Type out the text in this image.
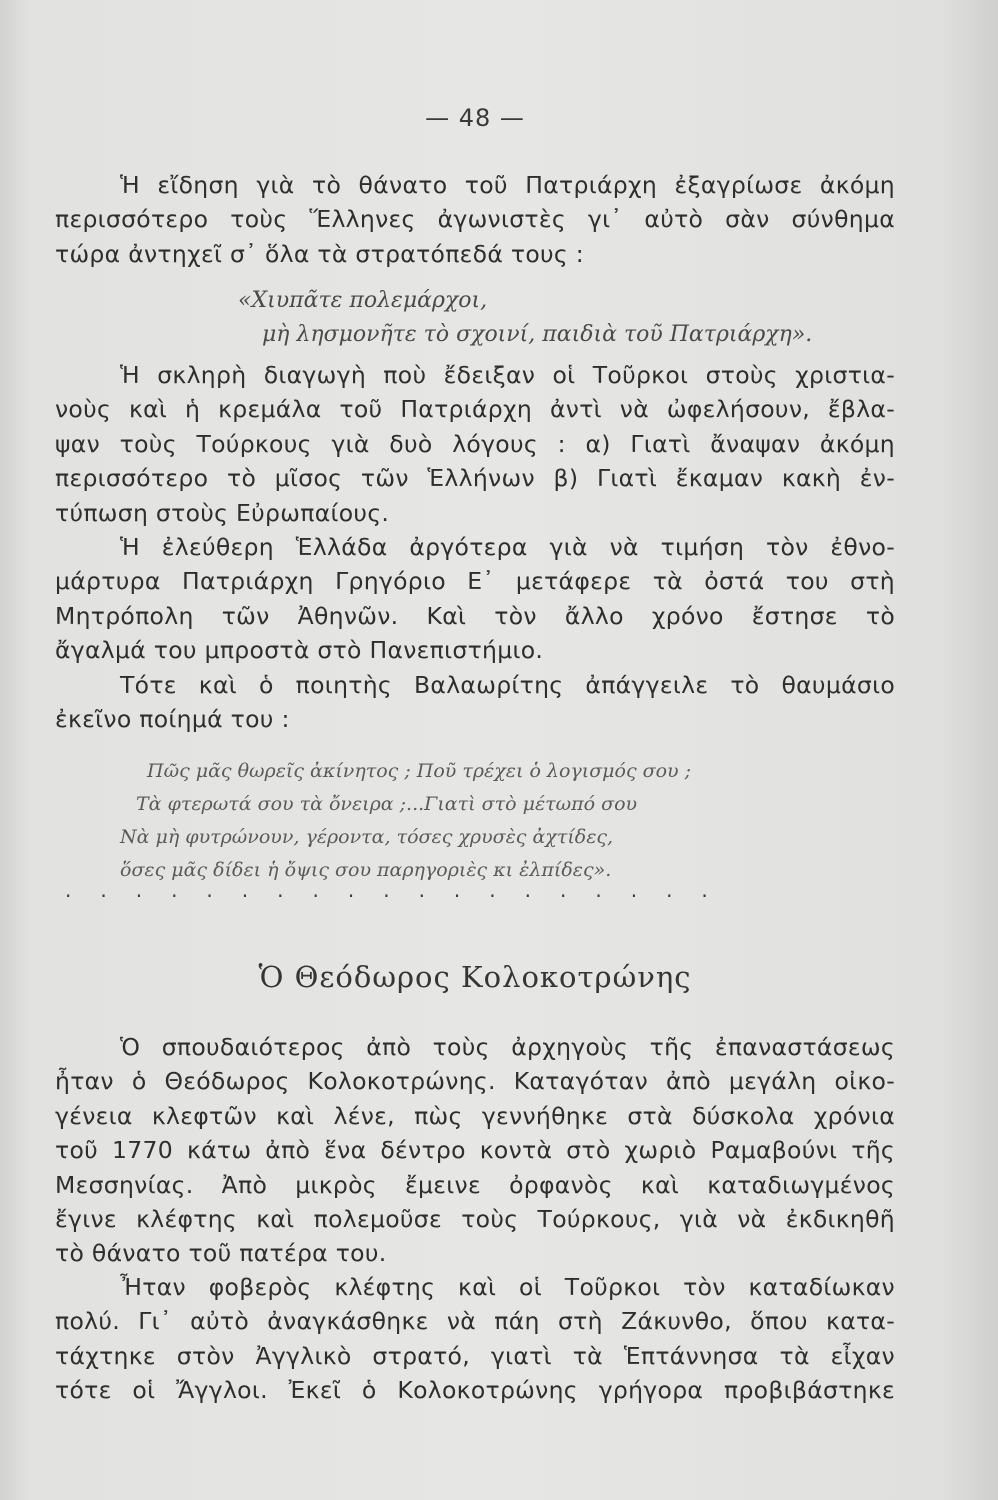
— 48 —
Ἡ εἴδηση γιὰ τὸ θάνατο τοῦ Πατριάρχη ἐξαγρίωσε ἀκόμη
περισσότερο τοὺς Ἕλληνες ἀγωνιστὲς γι᾽ αὐτὸ σὰν σύνθημα
τώρα ἀντηχεῖ σ᾽ ὅλα τὰ στρατόπεδά τους :
«Χιυπᾶτε πολεμάρχοι,
μὴ λησμονῆτε τὸ σχοινί, παιδιὰ τοῦ Πατριάρχη».
Ἡ σκληρὴ διαγωγὴ ποὺ ἔδειξαν οἱ Τοῦρκοι στοὺς χριστια-
νοὺς καὶ ἡ κρεμάλα τοῦ Πατριάρχη ἀντὶ νὰ ὠφελήσουν, ἔβλα-
ψαν τοὺς Τούρκους γιὰ δυὸ λόγους : α) Γιατὶ ἄναψαν ἀκόμη
περισσότερο τὸ μῖσος τῶν Ἑλλήνων β) Γιατὶ ἔκαμαν κακὴ ἐν-
τύπωση στοὺς Εὐρωπαίους.
Ἡ ἐλεύθερη Ἑλλάδα ἀργότερα γιὰ νὰ τιμήση τὸν ἐθνο-
μάρτυρα Πατριάρχη Γρηγόριο Ε᾽ μετάφερε τὰ ὀστά του στὴ
Μητρόπολη τῶν Ἀθηνῶν. Καὶ τὸν ἄλλο χρόνο ἔστησε τὸ
ἄγαλμά του μπροστὰ στὸ Πανεπιστήμιο.
Τότε καὶ ὁ ποιητὴς Βαλαωρίτης ἀπάγγειλε τὸ θαυμάσιο
ἐκεῖνο ποίημά του :
Πῶς μᾶς θωρεῖς ἀκίνητος ; Ποῦ τρέχει ὁ λογισμός σου ;
Τὰ φτερωτά σου τὰ ὄνειρα ;...Γιατὶ στὸ μέτωπό σου
Νὰ μὴ φυτρώνουν, γέροντα, τόσες χρυσὲς ἀχτίδες,
ὅσες μᾶς δίδει ἡ ὄψις σου παρηγοριὲς κι ἐλπίδες».
...................
Ὁ Θεόδωρος Κολοκοτρώνης
Ὁ σπουδαιότερος ἀπὸ τοὺς ἀρχηγοὺς τῆς ἐπαναστάσεως
ἦταν ὁ Θεόδωρος Κολοκοτρώνης. Καταγόταν ἀπὸ μεγάλη οἰκο-
γένεια κλεφτῶν καὶ λένε, πὼς γεννήθηκε στὰ δύσκολα χρόνια
τοῦ 1770 κάτω ἀπὸ ἕνα δέντρο κοντὰ στὸ χωριὸ Ραμαβούνι τῆς
Μεσσηνίας. Ἀπὸ μικρὸς ἔμεινε ὀρφανὸς καὶ καταδιωγμένος
ἔγινε κλέφτης καὶ πολεμοῦσε τοὺς Τούρκους, γιὰ νὰ ἐκδικηθῆ
τὸ θάνατο τοῦ πατέρα του.
Ἦταν φοβερὸς κλέφτης καὶ οἱ Τοῦρκοι τὸν καταδίωκαν
πολύ. Γι᾽ αὐτὸ ἀναγκάσθηκε νὰ πάη στὴ Ζάκυνθο, ὅπου κατα-
τάχτηκε στὸν Ἀγγλικὸ στρατό, γιατὶ τὰ Ἑπτάννησα τὰ εἶχαν
τότε οἱ Ἄγγλοι. Ἐκεῖ ὁ Κολοκοτρώνης γρήγορα προβιβάστηκε
